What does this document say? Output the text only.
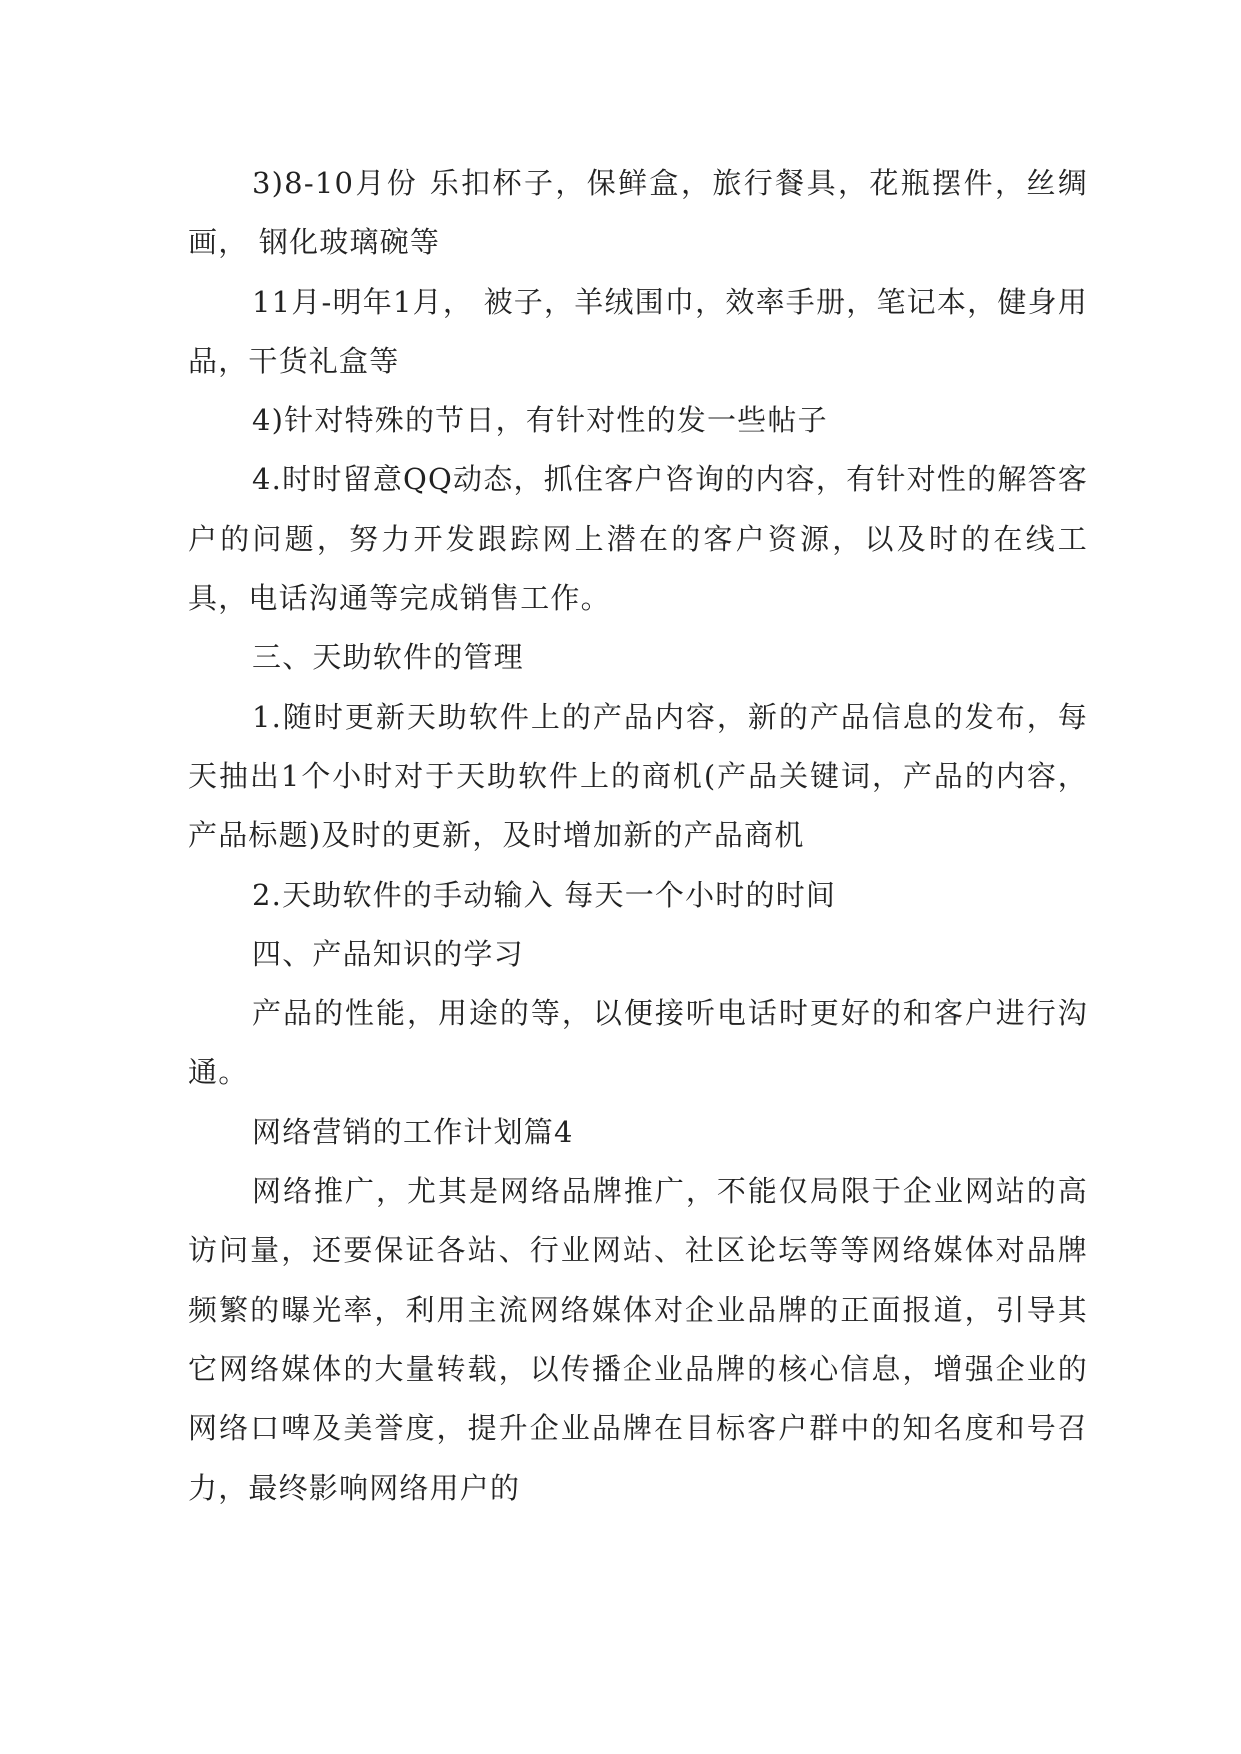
3)8-10月份 乐扣杯子，保鲜盒，旅行餐具，花瓶摆件，丝绸画， 钢化玻璃碗等

11月-明年1月， 被子，羊绒围巾，效率手册，笔记本，健身用品，干货礼盒等

4)针对特殊的节日，有针对性的发一些帖子

4.时时留意QQ动态，抓住客户咨询的内容，有针对性的解答客户的问题，努力开发跟踪网上潜在的客户资源，以及时的在线工具，电话沟通等完成销售工作。

三、天助软件的管理

1.随时更新天助软件上的产品内容，新的产品信息的发布，每天抽出1个小时对于天助软件上的商机(产品关键词，产品的内容，产品标题)及时的更新，及时增加新的产品商机

2.天助软件的手动输入 每天一个小时的时间

四、产品知识的学习

产品的性能，用途的等，以便接听电话时更好的和客户进行沟通。

网络营销的工作计划篇4

网络推广，尤其是网络品牌推广，不能仅局限于企业网站的高访问量，还要保证各站、行业网站、社区论坛等等网络媒体对品牌频繁的曝光率，利用主流网络媒体对企业品牌的正面报道，引导其它网络媒体的大量转载，以传播企业品牌的核心信息，增强企业的网络口啤及美誉度，提升企业品牌在目标客户群中的知名度和号召力，最终影响网络用户的
